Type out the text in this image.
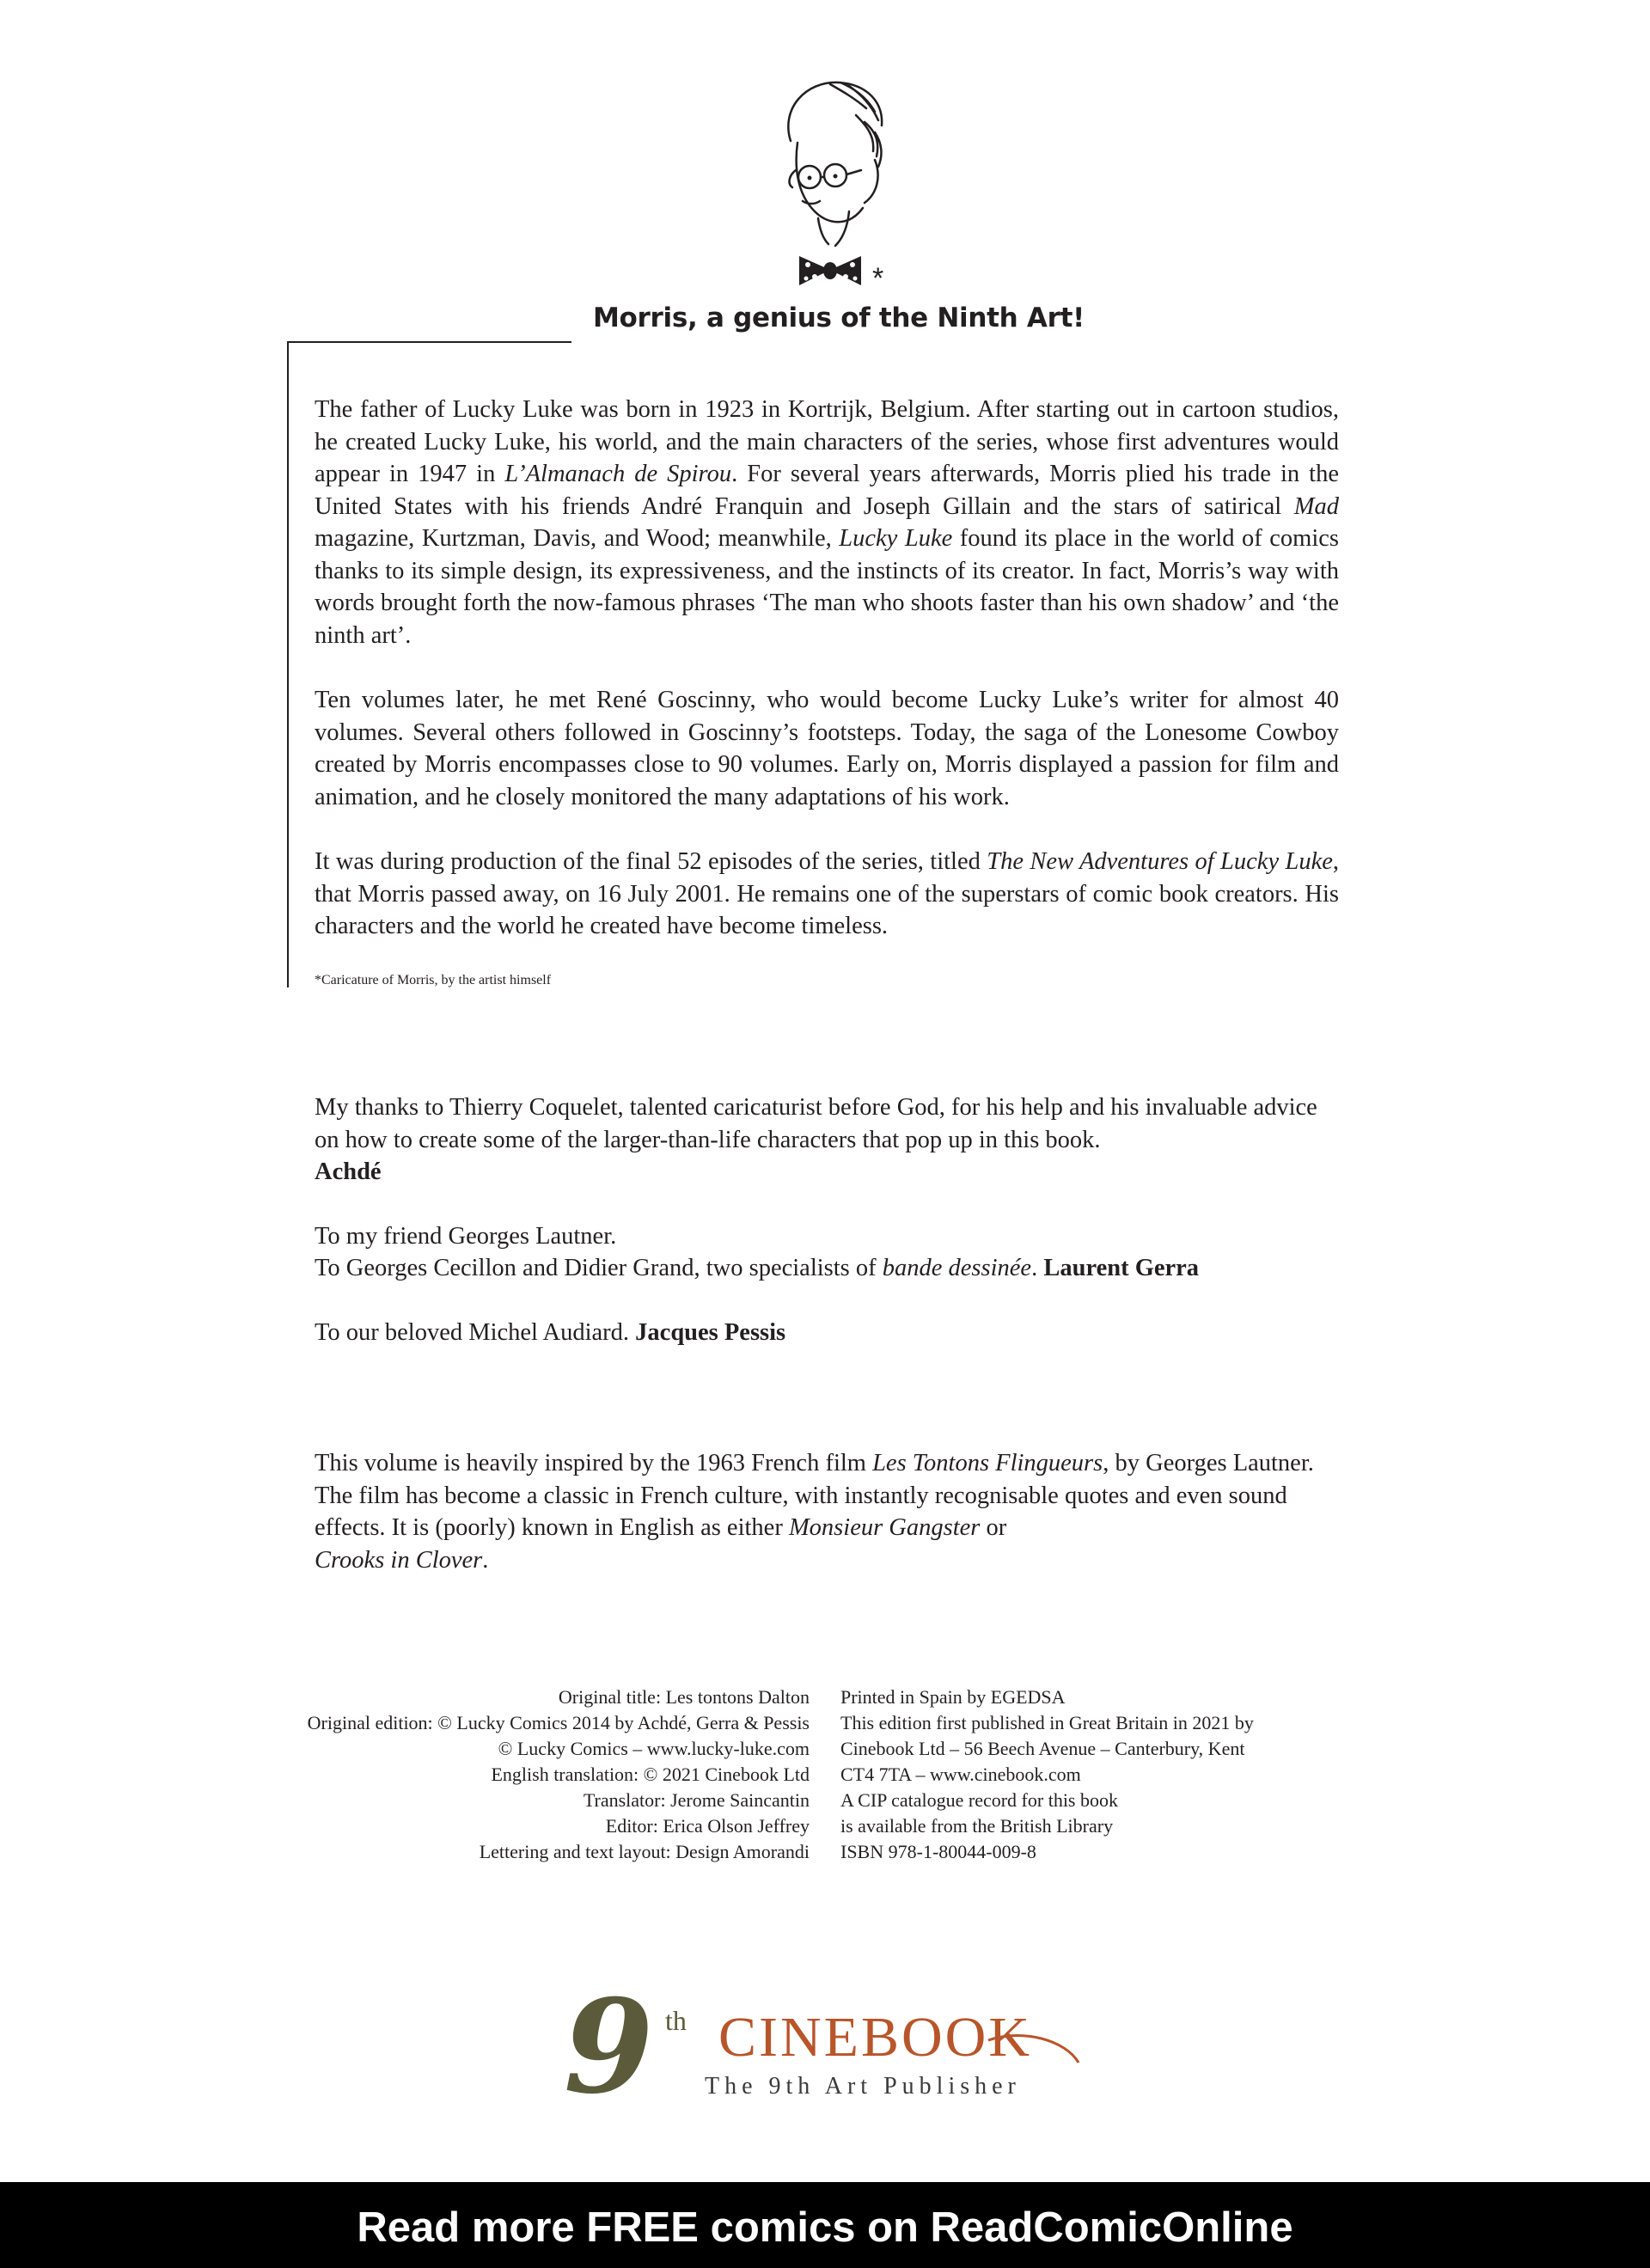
*
Morris, a genius of the Ninth Art!

The father of Lucky Luke was born in 1923 in Kortrijk, Belgium. After starting out in cartoon studios, he created Lucky Luke, his world, and the main characters of the series, whose first adventures would appear in 1947 in L’Almanach de Spirou. For several years afterwards, Morris plied his trade in the United States with his friends André Franquin and Joseph Gillain and the stars of satirical Mad magazine, Kurtzman, Davis, and Wood; meanwhile, Lucky Luke found its place in the world of comics thanks to its simple design, its expressiveness, and the instincts of its creator. In fact, Morris’s way with words brought forth the now-famous phrases ‘The man who shoots faster than his own shadow’ and ‘the ninth art’.

Ten volumes later, he met René Goscinny, who would become Lucky Luke’s writer for almost 40 volumes. Several others followed in Goscinny’s footsteps. Today, the saga of the Lonesome Cowboy created by Morris encompasses close to 90 volumes. Early on, Morris displayed a passion for film and animation, and he closely monitored the many adaptations of his work.

It was during production of the final 52 episodes of the series, titled The New Adventures of Lucky Luke, that Morris passed away, on 16 July 2001. He remains one of the superstars of comic book creators. His characters and the world he created have become timeless.

*Caricature of Morris, by the artist himself

My thanks to Thierry Coquelet, talented caricaturist before God, for his help and his invaluable advice on how to create some of the larger-than-life characters that pop up in this book.
Achdé

To my friend Georges Lautner.
To Georges Cecillon and Didier Grand, two specialists of bande dessinée. Laurent Gerra

To our beloved Michel Audiard. Jacques Pessis

This volume is heavily inspired by the 1963 French film Les Tontons Flingueurs, by Georges Lautner. The film has become a classic in French culture, with instantly recognisable quotes and even sound effects. It is (poorly) known in English as either Monsieur Gangster or
Crooks in Clover.

Original title: Les tontons Dalton
Original edition: © Lucky Comics 2014 by Achdé, Gerra & Pessis
© Lucky Comics – www.lucky-luke.com
English translation: © 2021 Cinebook Ltd
Translator: Jerome Saincantin
Editor: Erica Olson Jeffrey
Lettering and text layout: Design Amorandi
Printed in Spain by EGEDSA
This edition first published in Great Britain in 2021 by
Cinebook Ltd – 56 Beech Avenue – Canterbury, Kent
CT4 7TA – www.cinebook.com
A CIP catalogue record for this book
is available from the British Library
ISBN 978-1-80044-009-8
9 th CINEBOOK
The 9th Art Publisher
Read more FREE comics on ReadComicOnline
